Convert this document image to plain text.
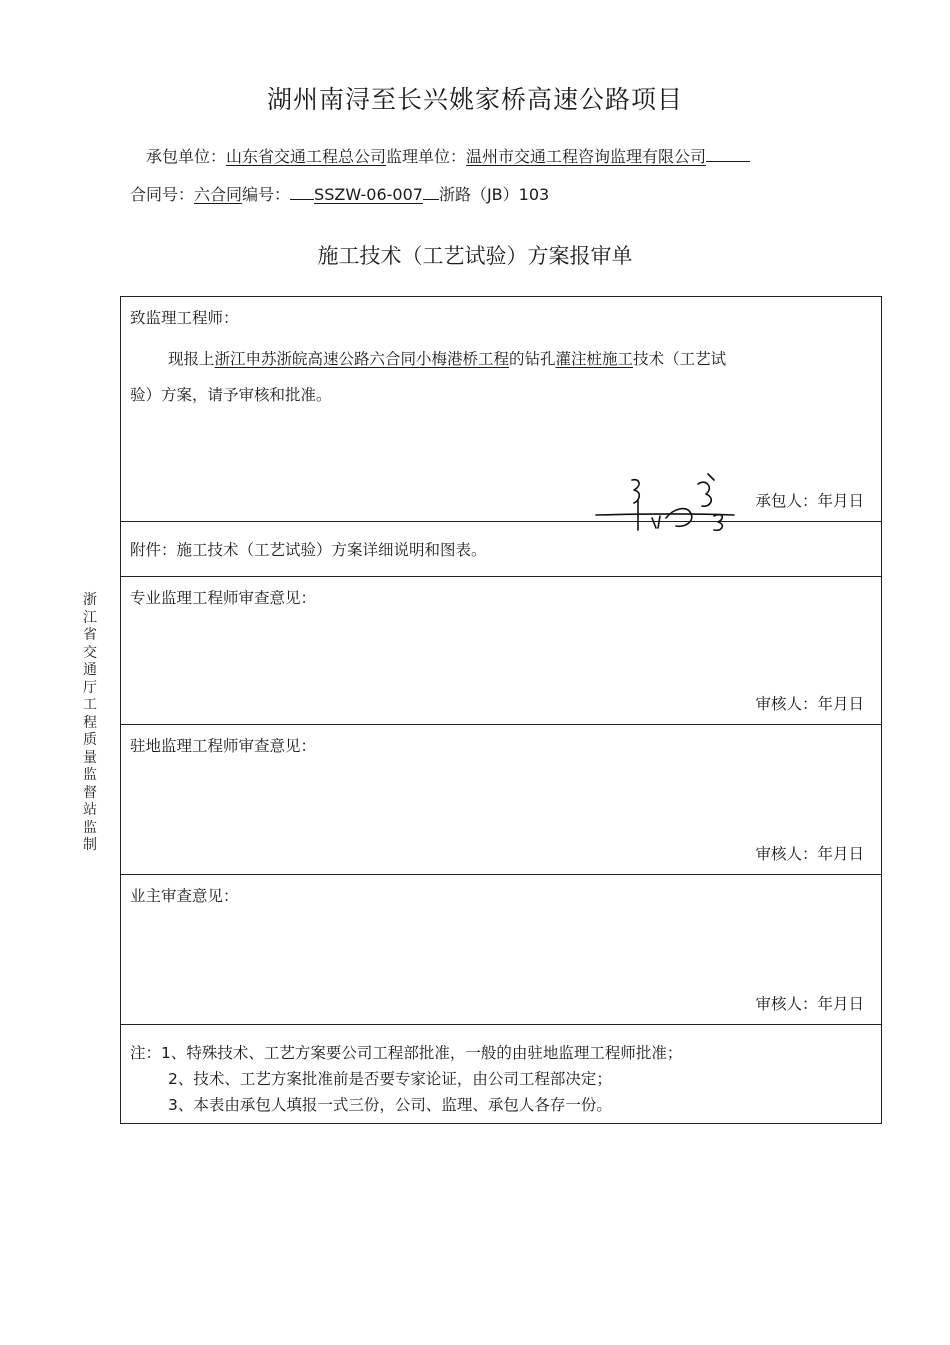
湖州南浔至长兴姚家桥高速公路项目
承包单位：山东省交通工程总公司监理单位：温州市交通工程咨询监理有限公司
合同号：六合同编号： SSZW-06-007 浙路（JB）103
施工技术（工艺试验）方案报审单
致监理工程师：
现报上浙江申苏浙皖高速公路六合同小梅港桥工程的钻孔灌注桩施工技术（工艺试
验）方案，请予审核和批准。
承包人：年月日
附件：施工技术（工艺试验）方案详细说明和图表。
专业监理工程师审查意见：
审核人：年月日
驻地监理工程师审查意见：
审核人：年月日
业主审查意见：
审核人：年月日
注：1、特殊技术、工艺方案要公司工程部批准，一般的由驻地监理工程师批准；
2、技术、工艺方案批准前是否要专家论证，由公司工程部决定；
3、本表由承包人填报一式三份，公司、监理、承包人各存一份。
浙江省交通厅工程质量监督站监制
